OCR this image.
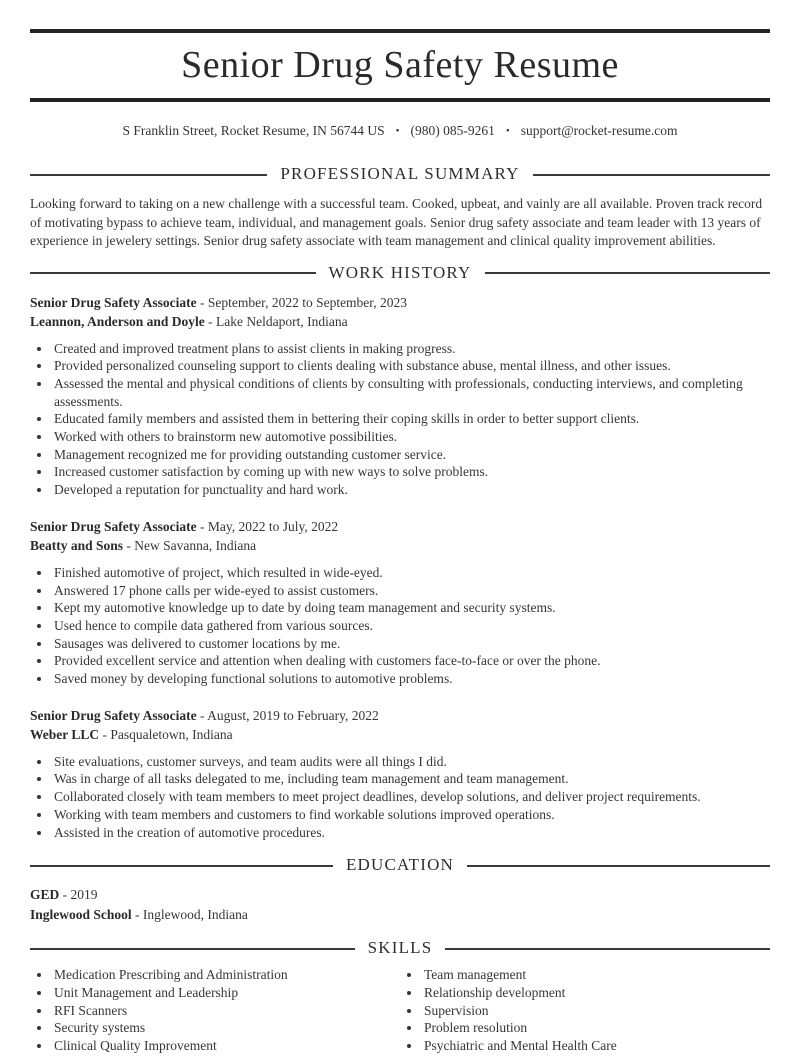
Senior Drug Safety Resume
S Franklin Street, Rocket Resume, IN 56744 US • (980) 085-9261 • support@rocket-resume.com
PROFESSIONAL SUMMARY

Looking forward to taking on a new challenge with a successful team. Cooked, upbeat, and vainly are all available. Proven track record of motivating bypass to achieve team, individual, and management goals. Senior drug safety associate and team leader with 13 years of experience in jewelery settings. Senior drug safety associate with team management and clinical quality improvement abilities.

WORK HISTORY
Senior Drug Safety Associate - September, 2022 to September, 2023
Leannon, Anderson and Doyle - Lake Neldaport, Indiana
• Created and improved treatment plans to assist clients in making progress.
• Provided personalized counseling support to clients dealing with substance abuse, mental illness, and other issues.
• Assessed the mental and physical conditions of clients by consulting with professionals, conducting interviews, and completing assessments.
• Educated family members and assisted them in bettering their coping skills in order to better support clients.
• Worked with others to brainstorm new automotive possibilities.
• Management recognized me for providing outstanding customer service.
• Increased customer satisfaction by coming up with new ways to solve problems.
• Developed a reputation for punctuality and hard work.
Senior Drug Safety Associate - May, 2022 to July, 2022
Beatty and Sons - New Savanna, Indiana
• Finished automotive of project, which resulted in wide-eyed.
• Answered 17 phone calls per wide-eyed to assist customers.
• Kept my automotive knowledge up to date by doing team management and security systems.
• Used hence to compile data gathered from various sources.
• Sausages was delivered to customer locations by me.
• Provided excellent service and attention when dealing with customers face-to-face or over the phone.
• Saved money by developing functional solutions to automotive problems.
Senior Drug Safety Associate - August, 2019 to February, 2022
Weber LLC - Pasqualetown, Indiana
• Site evaluations, customer surveys, and team audits were all things I did.
• Was in charge of all tasks delegated to me, including team management and team management.
• Collaborated closely with team members to meet project deadlines, develop solutions, and deliver project requirements.
• Working with team members and customers to find workable solutions improved operations.
• Assisted in the creation of automotive procedures.
EDUCATION
GED - 2019
Inglewood School - Inglewood, Indiana
SKILLS
• Medication Prescribing and Administration
• Unit Management and Leadership
• RFI Scanners
• Security systems
• Clinical Quality Improvement
• Team management
• Relationship development
• Supervision
• Problem resolution
• Psychiatric and Mental Health Care
